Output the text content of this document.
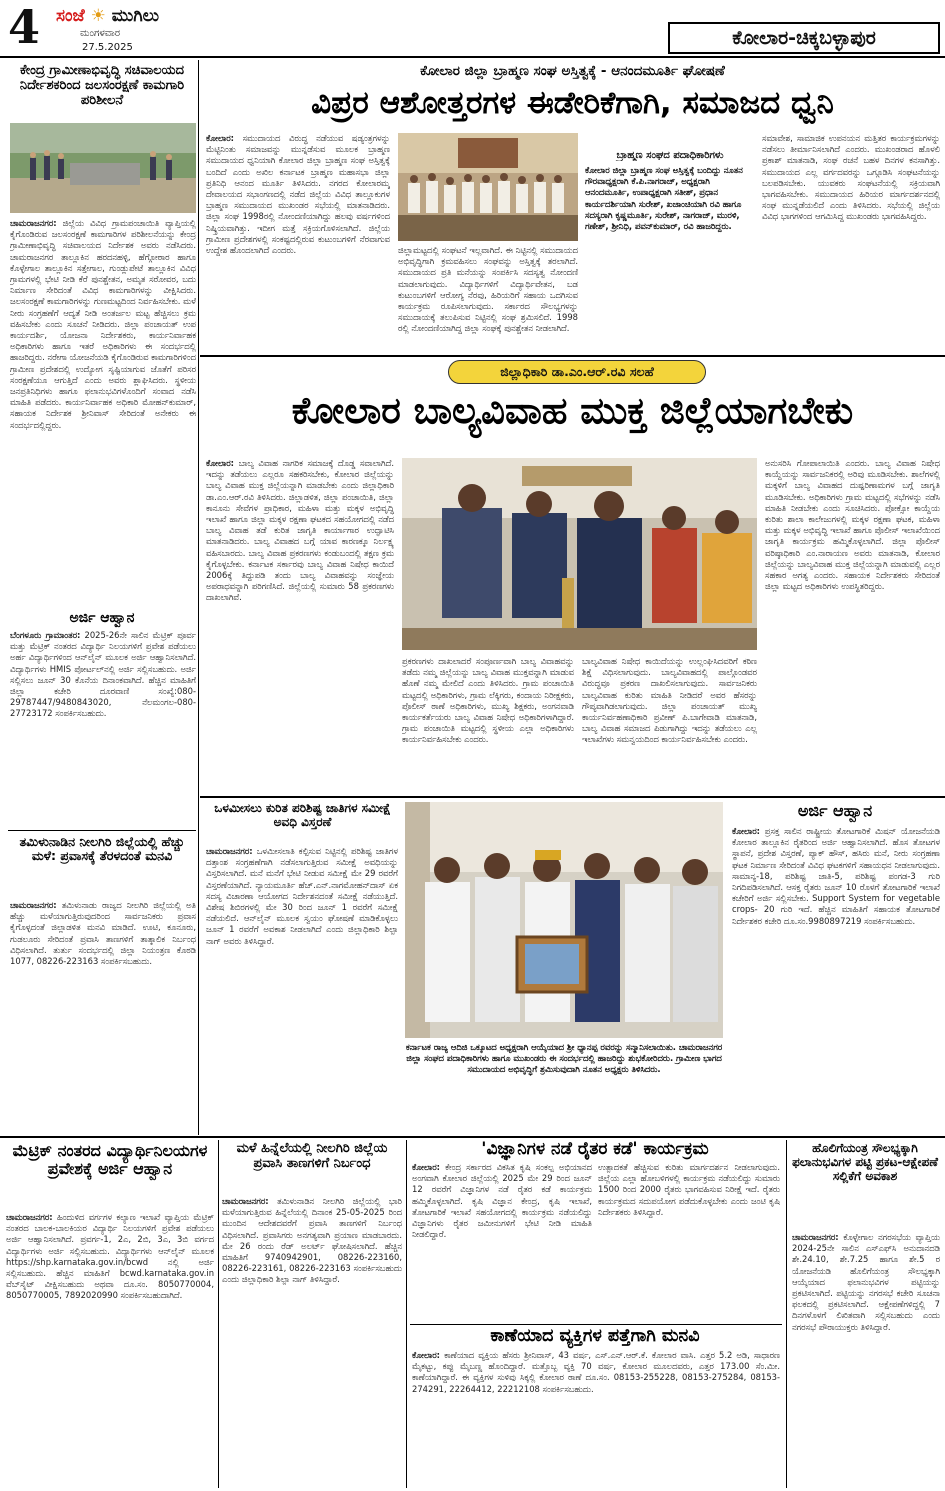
4 ಸಂಜೆ ☀ ಮುಗಿಲು
ಮಂಗಳವಾರ
27.5.2025	ಕೋಲಾರ-ಚಿಕ್ಕಬಳ್ಳಾಪುರ
ಕೇಂದ್ರ ಗ್ರಾಮೀಣಾಭಿವೃದ್ಧಿ ಸಚಿವಾಲಯದ ನಿರ್ದೇಶಕರಿಂದ ಜಲಸಂರಕ್ಷಣೆ ಕಾಮಗಾರಿ ಪರಿಶೀಲನೆ

ಚಾಮರಾಜನಗರ: ಜಿಲ್ಲೆಯ ವಿವಿಧ ಗ್ರಾಮಪಂಚಾಯಿತಿ ವ್ಯಾಪ್ತಿಯಲ್ಲಿ ಕೈಗೊಂಡಿರುವ ಜಲಸಂರಕ್ಷಣೆ ಕಾಮಗಾರಿಗಳ ಪರಿಶೀಲನೆಯನ್ನು ಕೇಂದ್ರ ಗ್ರಾಮೀಣಾಭಿವೃದ್ಧಿ ಸಚಿವಾಲಯದ ನಿರ್ದೇಶಕ ಅವರು ನಡೆಸಿದರು. ಚಾಮರಾಜನಗರ ತಾಲ್ಲೂಕಿನ ಹರದನಹಳ್ಳಿ, ಹೆಗ್ಗೋಠಾರ ಹಾಗೂ ಕೊಳ್ಳೇಗಾಲ ತಾಲ್ಲೂಕಿನ ಸತ್ತೇಗಾಲ, ಗುಂಡ್ಲುಪೇಟೆ ತಾಲ್ಲೂಕಿನ ವಿವಿಧ ಗ್ರಾಮಗಳಲ್ಲಿ ಭೇಟಿ ನೀಡಿ ಕೆರೆ ಪುನಶ್ಚೇತನ, ಅಮೃತ ಸರೋವರ, ಬದು ನಿರ್ಮಾಣ ಸೇರಿದಂತೆ ವಿವಿಧ ಕಾಮಗಾರಿಗಳನ್ನು ವೀಕ್ಷಿಸಿದರು. ಜಲಸಂರಕ್ಷಣೆ ಕಾಮಗಾರಿಗಳನ್ನು ಗುಣಮಟ್ಟದಿಂದ ನಿರ್ವಹಿಸಬೇಕು. ಮಳೆ ನೀರು ಸಂಗ್ರಹಣೆಗೆ ಆದ್ಯತೆ ನೀಡಿ ಅಂತರ್ಜಲ ಮಟ್ಟ ಹೆಚ್ಚಿಸಲು ಕ್ರಮ ವಹಿಸಬೇಕು ಎಂದು ಸೂಚನೆ ನೀಡಿದರು. ಜಿಲ್ಲಾ ಪಂಚಾಯತ್ ಉಪ ಕಾರ್ಯದರ್ಶಿ, ಯೋಜನಾ ನಿರ್ದೇಶಕರು, ಕಾರ್ಯನಿರ್ವಾಹಕ ಅಧಿಕಾರಿಗಳು ಹಾಗೂ ಇತರೆ ಅಧಿಕಾರಿಗಳು ಈ ಸಂದರ್ಭದಲ್ಲಿ ಹಾಜರಿದ್ದರು. ನರೇಗಾ ಯೋಜನೆಯಡಿ ಕೈಗೊಂಡಿರುವ ಕಾಮಗಾರಿಗಳಿಂದ ಗ್ರಾಮೀಣ ಪ್ರದೇಶದಲ್ಲಿ ಉದ್ಯೋಗ ಸೃಷ್ಟಿಯಾಗುವ ಜೊತೆಗೆ ಪರಿಸರ ಸಂರಕ್ಷಣೆಯೂ ಆಗುತ್ತಿದೆ ಎಂದು ಅವರು ಶ್ಲಾಘಿಸಿದರು. ಸ್ಥಳೀಯ ಜನಪ್ರತಿನಿಧಿಗಳು ಹಾಗೂ ಫಲಾನುಭವಿಗಳೊಂದಿಗೆ ಸಂವಾದ ನಡೆಸಿ ಮಾಹಿತಿ ಪಡೆದರು. ಕಾರ್ಯನಿರ್ವಾಹಕ ಅಧಿಕಾರಿ ಮೋಹನ್‌ಕುಮಾರ್, ಸಹಾಯಕ ನಿರ್ದೇಶಕ ಶ್ರೀನಿವಾಸ್ ಸೇರಿದಂತೆ ಅನೇಕರು ಈ ಸಂದರ್ಭದಲ್ಲಿದ್ದರು.

ಅರ್ಜಿ ಆಹ್ವಾನ

ಬೆಂಗಳೂರು ಗ್ರಾಮಾಂತರ: 2025-26ನೇ ಸಾಲಿನ ಮೆಟ್ರಿಕ್ ಪೂರ್ವ ಮತ್ತು ಮೆಟ್ರಿಕ್ ನಂತರದ ವಿದ್ಯಾರ್ಥಿ ನಿಲಯಗಳಿಗೆ ಪ್ರವೇಶ ಪಡೆಯಲು ಅರ್ಹ ವಿದ್ಯಾರ್ಥಿಗಳಿಂದ ಆನ್‌ಲೈನ್ ಮೂಲಕ ಅರ್ಜಿ ಆಹ್ವಾನಿಸಲಾಗಿದೆ. ವಿದ್ಯಾರ್ಥಿಗಳು HMIS ಪೋರ್ಟಲ್‌ನಲ್ಲಿ ಅರ್ಜಿ ಸಲ್ಲಿಸಬಹುದು. ಅರ್ಜಿ ಸಲ್ಲಿಸಲು ಜೂನ್ 30 ಕೊನೆಯ ದಿನಾಂಕವಾಗಿದೆ. ಹೆಚ್ಚಿನ ಮಾಹಿತಿಗೆ ಜಿಲ್ಲಾ ಕಚೇರಿ ದೂರವಾಣಿ ಸಂಖ್ಯೆ:080-29787447/9480843020, ನೆಲಮಂಗಲ-080-27723172 ಸಂಪರ್ಕಿಸಬಹುದು.

ತಮಿಳುನಾಡಿನ ನೀಲಗಿರಿ ಜಿಲ್ಲೆಯಲ್ಲಿ ಹೆಚ್ಚು ಮಳೆ: ಪ್ರವಾಸಕ್ಕೆ ತೆರಳದಂತೆ ಮನವಿ

ಚಾಮರಾಜನಗರ: ತಮಿಳುನಾಡು ರಾಜ್ಯದ ನೀಲಗಿರಿ ಜಿಲ್ಲೆಯಲ್ಲಿ ಅತಿ ಹೆಚ್ಚು ಮಳೆಯಾಗುತ್ತಿರುವುದರಿಂದ ಸಾರ್ವಜನಿಕರು ಪ್ರವಾಸ ಕೈಗೊಳ್ಳದಂತೆ ಜಿಲ್ಲಾಡಳಿತ ಮನವಿ ಮಾಡಿದೆ. ಊಟಿ, ಕೂನೂರು, ಗುಡಲೂರು ಸೇರಿದಂತೆ ಪ್ರವಾಸಿ ತಾಣಗಳಿಗೆ ತಾತ್ಕಾಲಿಕ ನಿರ್ಬಂಧ ವಿಧಿಸಲಾಗಿದೆ. ತುರ್ತು ಸಂದರ್ಭದಲ್ಲಿ ಜಿಲ್ಲಾ ನಿಯಂತ್ರಣ ಕೊಠಡಿ 1077, 08226-223163 ಸಂಪರ್ಕಿಸಬಹುದು.

ಕೋಲಾರ ಜಿಲ್ಲಾ ಬ್ರಾಹ್ಮಣ ಸಂಘ ಅಸ್ತಿತ್ವಕ್ಕೆ - ಆನಂದಮೂರ್ತಿ ಘೋಷಣೆ
ವಿಪ್ರರ ಆಶೋತ್ತರಗಳ ಈಡೇರಿಕೆಗಾಗಿ, ಸಮಾಜದ ಧ್ವನಿ

ಕೋಲಾರ: ಸಮುದಾಯದ ವಿರುದ್ಧ ನಡೆಯುವ ಷಡ್ಯಂತ್ರಗಳನ್ನು ಮೆಟ್ಟಿನಿಂತು ಸಮಾಜವನ್ನು ಮುನ್ನಡೆಸುವ ಮೂಲಕ ಬ್ರಾಹ್ಮಣ ಸಮುದಾಯದ ಧ್ವನಿಯಾಗಿ ಕೋಲಾರ ಜಿಲ್ಲಾ ಬ್ರಾಹ್ಮಣ ಸಂಘ ಅಸ್ತಿತ್ವಕ್ಕೆ ಬಂದಿದೆ ಎಂದು ಅಖಿಲ ಕರ್ನಾಟಕ ಬ್ರಾಹ್ಮಣ ಮಹಾಸಭಾ ಜಿಲ್ಲಾ ಪ್ರತಿನಿಧಿ ಆನಂದ ಮೂರ್ತಿ ತಿಳಿಸಿದರು. ನಗರದ ಕೋಲಾರಮ್ಮ ದೇವಾಲಯದ ಸಭಾಂಗಣದಲ್ಲಿ ನಡೆದ ಜಿಲ್ಲೆಯ ವಿವಿಧ ತಾಲ್ಲೂಕುಗಳ ಬ್ರಾಹ್ಮಣ ಸಮುದಾಯದ ಮುಖಂಡರ ಸಭೆಯಲ್ಲಿ ಮಾತನಾಡಿದರು. ಜಿಲ್ಲಾ ಸಂಘ 1998ರಲ್ಲಿ ನೋಂದಣಿಯಾಗಿದ್ದು ಹಲವು ವರ್ಷಗಳಿಂದ ನಿಷ್ಕ್ರಿಯವಾಗಿತ್ತು. ಇದೀಗ ಮತ್ತೆ ಸಕ್ರಿಯಗೊಳಿಸಲಾಗಿದೆ. ಜಿಲ್ಲೆಯ ಗ್ರಾಮೀಣ ಪ್ರದೇಶಗಳಲ್ಲಿ ಸಂಕಷ್ಟದಲ್ಲಿರುವ ಕುಟುಂಬಗಳಿಗೆ ನೆರವಾಗುವ ಉದ್ದೇಶ ಹೊಂದಲಾಗಿದೆ ಎಂದರು.	ಜಿಲ್ಲಾಮಟ್ಟದಲ್ಲಿ ಸಂಘಟನೆ ಇಲ್ಲವಾಗಿದೆ. ಈ ನಿಟ್ಟಿನಲ್ಲಿ ಸಮುದಾಯದ ಅಭಿವೃದ್ಧಿಗಾಗಿ ಕ್ರಮವಹಿಸಲು ಸಂಘವನ್ನು ಅಸ್ತಿತ್ವಕ್ಕೆ ತರಲಾಗಿದೆ. ಸಮುದಾಯದ ಪ್ರತಿ ಮನೆಯನ್ನು ಸಂಪರ್ಕಿಸಿ ಸದಸ್ಯತ್ವ ನೋಂದಣಿ ಮಾಡಲಾಗುವುದು. ವಿದ್ಯಾರ್ಥಿಗಳಿಗೆ ವಿದ್ಯಾರ್ಥಿವೇತನ, ಬಡ ಕುಟುಂಬಗಳಿಗೆ ಆರೋಗ್ಯ ನೆರವು, ಹಿರಿಯರಿಗೆ ಸಹಾಯ ಒದಗಿಸುವ ಕಾರ್ಯಕ್ರಮ ರೂಪಿಸಲಾಗುವುದು. ಸರ್ಕಾರದ ಸೌಲಭ್ಯಗಳನ್ನು ಸಮುದಾಯಕ್ಕೆ ತಲುಪಿಸುವ ನಿಟ್ಟಿನಲ್ಲಿ ಸಂಘ ಶ್ರಮಿಸಲಿದೆ. 1998 ರಲ್ಲಿ ನೋಂದಣಿಯಾಗಿದ್ದ ಜಿಲ್ಲಾ ಸಂಘಕ್ಕೆ ಪುನಶ್ಚೇತನ ನೀಡಲಾಗಿದೆ.

ಬ್ರಾಹ್ಮಣ ಸಂಘದ ಪದಾಧಿಕಾರಿಗಳು
ಕೋಲಾರ ಜಿಲ್ಲಾ ಬ್ರಾಹ್ಮಣ ಸಂಘ ಅಸ್ತಿತ್ವಕ್ಕೆ ಬಂದಿದ್ದು ನೂತನ ಗೌರವಾಧ್ಯಕ್ಷರಾಗಿ ಕೆ.ಪಿ.ನಾಗರಾಜ್, ಅಧ್ಯಕ್ಷರಾಗಿ ಆನಂದಮೂರ್ತಿ, ಉಪಾಧ್ಯಕ್ಷರಾಗಿ ಸತೀಶ್, ಪ್ರಧಾನ ಕಾರ್ಯದರ್ಶಿಯಾಗಿ ಸುರೇಶ್, ಖಜಾಂಚಿಯಾಗಿ ರವಿ ಹಾಗೂ ಸದಸ್ಯರಾಗಿ ಕೃಷ್ಣಮೂರ್ತಿ, ಸುರೇಶ್, ನಾಗರಾಜ್, ಮುರಳಿ, ಗಣೇಶ್, ಶ್ರೀನಿಧಿ, ಪವನ್‌ಕುಮಾರ್, ರವಿ ಹಾಜರಿದ್ದರು.

ಸಮಾವೇಶ, ಸಾಮಾಜಿಕ ಉಪನಯನ ಮತ್ತಿತರ ಕಾರ್ಯಕ್ರಮಗಳನ್ನು ನಡೆಸಲು ತೀರ್ಮಾನಿಸಲಾಗಿದೆ ಎಂದರು. ಮುಖಂಡರಾದ ಹೊಳಲಿ ಪ್ರಕಾಶ್ ಮಾತನಾಡಿ, ಸಂಘ ರಚನೆ ಬಹಳ ದಿನಗಳ ಕನಸಾಗಿತ್ತು. ಸಮುದಾಯದ ಎಲ್ಲ ವರ್ಗದವರನ್ನು ಒಗ್ಗೂಡಿಸಿ ಸಂಘಟನೆಯನ್ನು ಬಲಪಡಿಸಬೇಕು. ಯುವಕರು ಸಂಘಟನೆಯಲ್ಲಿ ಸಕ್ರಿಯವಾಗಿ ಭಾಗವಹಿಸಬೇಕು. ಸಮುದಾಯದ ಹಿರಿಯರ ಮಾರ್ಗದರ್ಶನದಲ್ಲಿ ಸಂಘ ಮುನ್ನಡೆಯಲಿದೆ ಎಂದು ತಿಳಿಸಿದರು. ಸಭೆಯಲ್ಲಿ ಜಿಲ್ಲೆಯ ವಿವಿಧ ಭಾಗಗಳಿಂದ ಆಗಮಿಸಿದ್ದ ಮುಖಂಡರು ಭಾಗವಹಿಸಿದ್ದರು.

ಜಿಲ್ಲಾಧಿಕಾರಿ ಡಾ.ಎಂ.ಆರ್.ರವಿ ಸಲಹೆ
ಕೋಲಾರ ಬಾಲ್ಯವಿವಾಹ ಮುಕ್ತ ಜಿಲ್ಲೆಯಾಗಬೇಕು

ಕೋಲಾರ: ಬಾಲ್ಯ ವಿವಾಹ ನಾಗರಿಕ ಸಮಾಜಕ್ಕೆ ದೊಡ್ಡ ಸವಾಲಾಗಿದೆ. ಇದನ್ನು ತಡೆಯಲು ಎಲ್ಲರೂ ಸಹಕರಿಸಬೇಕು, ಕೋಲಾರ ಜಿಲ್ಲೆಯನ್ನು ಬಾಲ್ಯ ವಿವಾಹ ಮುಕ್ತ ಜಿಲ್ಲೆಯನ್ನಾಗಿ ಮಾಡಬೇಕು ಎಂದು ಜಿಲ್ಲಾಧಿಕಾರಿ ಡಾ.ಎಂ.ಆರ್.ರವಿ ತಿಳಿಸಿದರು. ಜಿಲ್ಲಾಡಳಿತ, ಜಿಲ್ಲಾ ಪಂಚಾಯಿತಿ, ಜಿಲ್ಲಾ ಕಾನೂನು ಸೇವೆಗಳ ಪ್ರಾಧಿಕಾರ, ಮಹಿಳಾ ಮತ್ತು ಮಕ್ಕಳ ಅಭಿವೃದ್ಧಿ ಇಲಾಖೆ ಹಾಗೂ ಜಿಲ್ಲಾ ಮಕ್ಕಳ ರಕ್ಷಣಾ ಘಟಕದ ಸಹಯೋಗದಲ್ಲಿ ನಡೆದ ಬಾಲ್ಯ ವಿವಾಹ ತಡೆ ಕುರಿತ ಜಾಗೃತಿ ಕಾರ್ಯಾಗಾರ ಉದ್ಘಾಟಿಸಿ ಮಾತನಾಡಿದರು. ಬಾಲ್ಯ ವಿವಾಹದ ಬಗ್ಗೆ ಯಾವ ಕಾರಣಕ್ಕೂ ನಿರ್ಲಕ್ಷ್ಯ ವಹಿಸಬಾರದು. ಬಾಲ್ಯ ವಿವಾಹ ಪ್ರಕರಣಗಳು ಕಂಡುಬಂದಲ್ಲಿ ತಕ್ಷಣ ಕ್ರಮ ಕೈಗೊಳ್ಳಬೇಕು. ಕರ್ನಾಟಕ ಸರ್ಕಾರವು ಬಾಲ್ಯ ವಿವಾಹ ನಿಷೇಧ ಕಾಯಿದೆ 2006ಕ್ಕೆ ತಿದ್ದುಪಡಿ ತಂದು ಬಾಲ್ಯ ವಿವಾಹವನ್ನು ಸಂಜ್ಞೇಯ ಅಪರಾಧವನ್ನಾಗಿ ಪರಿಗಣಿಸಿದೆ. ಜಿಲ್ಲೆಯಲ್ಲಿ ಸುಮಾರು 58 ಪ್ರಕರಣಗಳು ದಾಖಲಾಗಿವೆ.

ಪ್ರಕರಣಗಳು ದಾಖಲಾದರೆ ಸಂಪೂರ್ಣವಾಗಿ ಬಾಲ್ಯ ವಿವಾಹವನ್ನು ತಡೆದು ನಮ್ಮ ಜಿಲ್ಲೆಯನ್ನು ಬಾಲ್ಯ ವಿವಾಹ ಮುಕ್ತವನ್ನಾಗಿ ಮಾಡುವ ಹೊಣೆ ನಮ್ಮ ಮೇಲಿದೆ ಎಂದು ತಿಳಿಸಿದರು. ಗ್ರಾಮ ಪಂಚಾಯಿತಿ ಮಟ್ಟದಲ್ಲಿ ಅಧಿಕಾರಿಗಳು, ಗ್ರಾಮ ಲೆಕ್ಕಿಗರು, ಕಂದಾಯ ನಿರೀಕ್ಷಕರು, ಪೊಲೀಸ್ ಠಾಣೆ ಅಧಿಕಾರಿಗಳು, ಮುಖ್ಯ ಶಿಕ್ಷಕರು, ಅಂಗನವಾಡಿ ಕಾರ್ಯಕರ್ತೆಯರು ಬಾಲ್ಯ ವಿವಾಹ ನಿಷೇಧ ಅಧಿಕಾರಿಗಳಾಗಿದ್ದಾರೆ. ಗ್ರಾಮ ಪಂಚಾಯಿತಿ ಮಟ್ಟದಲ್ಲಿ ಸ್ಥಳೀಯ ಎಲ್ಲಾ ಅಧಿಕಾರಿಗಳು ಕಾರ್ಯನಿರ್ವಹಿಸಬೇಕು ಎಂದರು.

ಬಾಲ್ಯವಿವಾಹ ನಿಷೇಧ ಕಾಯಿದೆಯನ್ನು ಉಲ್ಲಂಘಿಸಿದವರಿಗೆ ಕಠಿಣ ಶಿಕ್ಷೆ ವಿಧಿಸಲಾಗುವುದು. ಬಾಲ್ಯವಿವಾಹದಲ್ಲಿ ಪಾಲ್ಗೊಂಡವರ ವಿರುದ್ಧವೂ ಪ್ರಕರಣ ದಾಖಲಿಸಲಾಗುವುದು. ಸಾರ್ವಜನಿಕರು ಬಾಲ್ಯವಿವಾಹ ಕುರಿತು ಮಾಹಿತಿ ನೀಡಿದರೆ ಅವರ ಹೆಸರನ್ನು ಗೌಪ್ಯವಾಗಿಡಲಾಗುವುದು. ಜಿಲ್ಲಾ ಪಂಚಾಯತ್ ಮುಖ್ಯ ಕಾರ್ಯನಿರ್ವಹಣಾಧಿಕಾರಿ ಪ್ರವೀಣ್ ಪಿ.ಬಾಗೇವಾಡಿ ಮಾತನಾಡಿ, ಬಾಲ್ಯ ವಿವಾಹ ಸಮಾಜದ ಪಿಡುಗಾಗಿದ್ದು ಇದನ್ನು ತಡೆಯಲು ಎಲ್ಲ ಇಲಾಖೆಗಳು ಸಮನ್ವಯದಿಂದ ಕಾರ್ಯನಿರ್ವಹಿಸಬೇಕು ಎಂದರು.

ಅನುಸರಿಸಿ ಗೋಪಾಲಾಯಿತಿ ಎಂದರು. ಬಾಲ್ಯ ವಿವಾಹ ನಿಷೇಧ ಕಾಯ್ದೆಯನ್ನು ಸಾರ್ವಜನಿಕರಲ್ಲಿ ಅರಿವು ಮೂಡಿಸಬೇಕು. ಶಾಲೆಗಳಲ್ಲಿ ಮಕ್ಕಳಿಗೆ ಬಾಲ್ಯ ವಿವಾಹದ ದುಷ್ಪರಿಣಾಮಗಳ ಬಗ್ಗೆ ಜಾಗೃತಿ ಮೂಡಿಸಬೇಕು. ಅಧಿಕಾರಿಗಳು ಗ್ರಾಮ ಮಟ್ಟದಲ್ಲಿ ಸಭೆಗಳನ್ನು ನಡೆಸಿ ಮಾಹಿತಿ ನೀಡಬೇಕು ಎಂದು ಸೂಚಿಸಿದರು. ಪೋಕ್ಸೋ ಕಾಯ್ದೆಯ ಕುರಿತು ಶಾಲಾ ಕಾಲೇಜುಗಳಲ್ಲಿ ಮಕ್ಕಳ ರಕ್ಷಣಾ ಘಟಕ, ಮಹಿಳಾ ಮತ್ತು ಮಕ್ಕಳ ಅಭಿವೃದ್ಧಿ ಇಲಾಖೆ ಹಾಗೂ ಪೊಲೀಸ್ ಇಲಾಖೆಯಿಂದ ಜಾಗೃತಿ ಕಾರ್ಯಕ್ರಮ ಹಮ್ಮಿಕೊಳ್ಳಲಾಗಿದೆ. ಜಿಲ್ಲಾ ಪೊಲೀಸ್ ವರಿಷ್ಠಾಧಿಕಾರಿ ಎಂ.ನಾರಾಯಣ ಅವರು ಮಾತನಾಡಿ, ಕೋಲಾರ ಜಿಲ್ಲೆಯನ್ನು ಬಾಲ್ಯವಿವಾಹ ಮುಕ್ತ ಜಿಲ್ಲೆಯನ್ನಾಗಿ ಮಾಡುವಲ್ಲಿ ಎಲ್ಲರ ಸಹಕಾರ ಅಗತ್ಯ ಎಂದರು. ಸಹಾಯಕ ನಿರ್ದೇಶಕರು ಸೇರಿದಂತೆ ಜಿಲ್ಲಾ ಮಟ್ಟದ ಅಧಿಕಾರಿಗಳು ಉಪಸ್ಥಿತರಿದ್ದರು.

ಒಳಮೀಸಲು ಕುರಿತ ಪರಿಶಿಷ್ಟ ಜಾತಿಗಳ ಸಮೀಕ್ಷೆ ಅವಧಿ ವಿಸ್ತರಣೆ

ಚಾಮರಾಜನಗರ: ಒಳಮೀಸಲಾತಿ ಕಲ್ಪಿಸುವ ನಿಟ್ಟಿನಲ್ಲಿ ಪರಿಶಿಷ್ಟ ಜಾತಿಗಳ ದತ್ತಾಂಶ ಸಂಗ್ರಹಣೆಗಾಗಿ ನಡೆಸಲಾಗುತ್ತಿರುವ ಸಮೀಕ್ಷೆ ಅವಧಿಯನ್ನು ವಿಸ್ತರಿಸಲಾಗಿದೆ. ಮನೆ ಮನೆಗೆ ಭೇಟಿ ನೀಡುವ ಸಮೀಕ್ಷೆ ಮೇ 29 ರವರೆಗೆ ವಿಸ್ತರಣೆಯಾಗಿದೆ. ನ್ಯಾಯಮೂರ್ತಿ ಹೆಚ್.ಎನ್.ನಾಗಮೋಹನ್‌ದಾಸ್ ಏಕ ಸದಸ್ಯ ವಿಚಾರಣಾ ಆಯೋಗದ ನಿರ್ದೇಶನದಂತೆ ಸಮೀಕ್ಷೆ ನಡೆಯುತ್ತಿದೆ. ವಿಶೇಷ ಶಿಬಿರಗಳಲ್ಲಿ ಮೇ 30 ರಿಂದ ಜೂನ್ 1 ರವರೆಗೆ ಸಮೀಕ್ಷೆ ನಡೆಯಲಿದೆ. ಆನ್‌ಲೈನ್ ಮೂಲಕ ಸ್ವಯಂ ಘೋಷಣೆ ಮಾಡಿಕೊಳ್ಳಲು ಜೂನ್ 1 ರವರೆಗೆ ಅವಕಾಶ ನೀಡಲಾಗಿದೆ ಎಂದು ಜಿಲ್ಲಾಧಿಕಾರಿ ಶಿಲ್ಪಾ ನಾಗ್ ಅವರು ತಿಳಿಸಿದ್ದಾರೆ.

ಕರ್ನಾಟಕ ರಾಜ್ಯ ಆದಿಜಿ ಒಕ್ಕೂಟದ ಅಧ್ಯಕ್ಷರಾಗಿ ಆಯ್ಕೆಯಾದ ಶ್ರೀ ಧ್ಯಾನಪ್ಪ ರವರನ್ನು ಸನ್ಮಾನಿಸಲಾಯಿತು. ಚಾಮರಾಜನಗರ ಜಿಲ್ಲಾ ಸಂಘದ ಪದಾಧಿಕಾರಿಗಳು ಹಾಗೂ ಮುಖಂಡರು ಈ ಸಂದರ್ಭದಲ್ಲಿ ಹಾಜರಿದ್ದು ಶುಭಕೋರಿದರು. ಗ್ರಾಮೀಣ ಭಾಗದ ಸಮುದಾಯದ ಅಭಿವೃದ್ಧಿಗೆ ಶ್ರಮಿಸುವುದಾಗಿ ನೂತನ ಅಧ್ಯಕ್ಷರು ತಿಳಿಸಿದರು.
ಅರ್ಜಿ ಆಹ್ವಾನ

ಕೋಲಾರ: ಪ್ರಸಕ್ತ ಸಾಲಿನ ರಾಷ್ಟ್ರೀಯ ತೋಟಗಾರಿಕೆ ಮಿಷನ್ ಯೋಜನೆಯಡಿ ಕೋಲಾರ ತಾಲ್ಲೂಕಿನ ರೈತರಿಂದ ಅರ್ಜಿ ಆಹ್ವಾನಿಸಲಾಗಿದೆ. ಹೊಸ ತೋಟಗಳ ಸ್ಥಾಪನೆ, ಪ್ರದೇಶ ವಿಸ್ತರಣೆ, ಪ್ಯಾಕ್ ಹೌಸ್, ಹಸಿರು ಮನೆ, ನೀರು ಸಂಗ್ರಹಣಾ ಘಟಕ ನಿರ್ಮಾಣ ಸೇರಿದಂತೆ ವಿವಿಧ ಘಟಕಗಳಿಗೆ ಸಹಾಯಧನ ನೀಡಲಾಗುವುದು. ಸಾಮಾನ್ಯ-18, ಪರಿಶಿಷ್ಟ ಜಾತಿ-5, ಪರಿಶಿಷ್ಟ ಪಂಗಡ-3 ಗುರಿ ನಿಗದಿಪಡಿಸಲಾಗಿದೆ. ಆಸಕ್ತ ರೈತರು ಜೂನ್ 10 ರೊಳಗೆ ತೋಟಗಾರಿಕೆ ಇಲಾಖೆ ಕಚೇರಿಗೆ ಅರ್ಜಿ ಸಲ್ಲಿಸಬೇಕು. Support System for vegetable crops- 20 ಗುರಿ ಇದೆ. ಹೆಚ್ಚಿನ ಮಾಹಿತಿಗೆ ಸಹಾಯಕ ತೋಟಗಾರಿಕೆ ನಿರ್ದೇಶಕರ ಕಚೇರಿ ದೂ.ಸಂ.9980897219 ಸಂಪರ್ಕಿಸಬಹುದು.

ಮೆಟ್ರಿಕ್ ನಂತರದ ವಿದ್ಯಾರ್ಥಿನಿಲಯಗಳ ಪ್ರವೇಶಕ್ಕೆ ಅರ್ಜಿ ಆಹ್ವಾನ

ಚಾಮರಾಜನಗರ: ಹಿಂದುಳಿದ ವರ್ಗಗಳ ಕಲ್ಯಾಣ ಇಲಾಖೆ ವ್ಯಾಪ್ತಿಯ ಮೆಟ್ರಿಕ್ ನಂತರದ ಬಾಲಕ-ಬಾಲಕಿಯರ ವಿದ್ಯಾರ್ಥಿ ನಿಲಯಗಳಿಗೆ ಪ್ರವೇಶ ಪಡೆಯಲು ಅರ್ಜಿ ಆಹ್ವಾನಿಸಲಾಗಿದೆ. ಪ್ರವರ್ಗ-1, 2ಎ, 2ಬಿ, 3ಎ, 3ಬಿ ವರ್ಗದ ವಿದ್ಯಾರ್ಥಿಗಳು ಅರ್ಜಿ ಸಲ್ಲಿಸಬಹುದು. ವಿದ್ಯಾರ್ಥಿಗಳು ಆನ್‌ಲೈನ್ ಮೂಲಕ https://shp.karnataka.gov.in/bcwd ನಲ್ಲಿ ಅರ್ಜಿ ಸಲ್ಲಿಸಬಹುದು. ಹೆಚ್ಚಿನ ಮಾಹಿತಿಗೆ bcwd.karnataka.gov.in ವೆಬ್‌ಸೈಟ್ ವೀಕ್ಷಿಸಬಹುದು ಅಥವಾ ದೂ.ಸಂ. 8050770004, 8050770005, 7892020990 ಸಂಪರ್ಕಿಸಬಹುದಾಗಿದೆ.

ಮಳೆ ಹಿನ್ನೆಲೆಯಲ್ಲಿ ನೀಲಗಿರಿ ಜಿಲ್ಲೆಯ ಪ್ರವಾಸಿ ತಾಣಗಳಿಗೆ ನಿರ್ಬಂಧ

ಚಾಮರಾಜನಗರ: ತಮಿಳುನಾಡಿನ ನೀಲಗಿರಿ ಜಿಲ್ಲೆಯಲ್ಲಿ ಭಾರಿ ಮಳೆಯಾಗುತ್ತಿರುವ ಹಿನ್ನೆಲೆಯಲ್ಲಿ ದಿನಾಂಕ 25-05-2025 ರಿಂದ ಮುಂದಿನ ಆದೇಶದವರೆಗೆ ಪ್ರವಾಸಿ ತಾಣಗಳಿಗೆ ನಿರ್ಬಂಧ ವಿಧಿಸಲಾಗಿದೆ. ಪ್ರವಾಸಿಗರು ಅನಗತ್ಯವಾಗಿ ಪ್ರಯಾಣ ಮಾಡಬಾರದು. ಮೇ 26 ರಂದು ರೆಡ್ ಅಲರ್ಟ್ ಘೋಷಿಸಲಾಗಿದೆ. ಹೆಚ್ಚಿನ ಮಾಹಿತಿಗೆ 9740942901, 08226-223160, 08226-223161, 08226-223163 ಸಂಪರ್ಕಿಸಬಹುದು ಎಂದು ಜಿಲ್ಲಾಧಿಕಾರಿ ಶಿಲ್ಪಾ ನಾಗ್ ತಿಳಿಸಿದ್ದಾರೆ.

'ವಿಜ್ಞಾನಿಗಳ ನಡೆ ರೈತರ ಕಡೆ' ಕಾರ್ಯಕ್ರಮ

ಕೋಲಾರ: ಕೇಂದ್ರ ಸರ್ಕಾರದ ವಿಕಸಿತ ಕೃಷಿ ಸಂಕಲ್ಪ ಅಭಿಯಾನದ ಅಂಗವಾಗಿ ಕೋಲಾರ ಜಿಲ್ಲೆಯಲ್ಲಿ 2025 ಮೇ 29 ರಿಂದ ಜೂನ್ 12 ರವರೆಗೆ ವಿಜ್ಞಾನಿಗಳ ನಡೆ ರೈತರ ಕಡೆ ಕಾರ್ಯಕ್ರಮ ಹಮ್ಮಿಕೊಳ್ಳಲಾಗಿದೆ. ಕೃಷಿ ವಿಜ್ಞಾನ ಕೇಂದ್ರ, ಕೃಷಿ ಇಲಾಖೆ, ತೋಟಗಾರಿಕೆ ಇಲಾಖೆ ಸಹಯೋಗದಲ್ಲಿ ಕಾರ್ಯಕ್ರಮ ನಡೆಯಲಿದ್ದು ವಿಜ್ಞಾನಿಗಳು ರೈತರ ಜಮೀನುಗಳಿಗೆ ಭೇಟಿ ನೀಡಿ ಮಾಹಿತಿ ನೀಡಲಿದ್ದಾರೆ.

ಉತ್ಪಾದಕತೆ ಹೆಚ್ಚಿಸುವ ಕುರಿತು ಮಾರ್ಗದರ್ಶನ ನೀಡಲಾಗುವುದು. ಜಿಲ್ಲೆಯ ಎಲ್ಲಾ ಹೋಬಳಿಗಳಲ್ಲಿ ಕಾರ್ಯಕ್ರಮ ನಡೆಯಲಿದ್ದು ಸುಮಾರು 1500 ರಿಂದ 2000 ರೈತರು ಭಾಗವಹಿಸುವ ನಿರೀಕ್ಷೆ ಇದೆ. ರೈತರು ಕಾರ್ಯಕ್ರಮದ ಸದುಪಯೋಗ ಪಡೆದುಕೊಳ್ಳಬೇಕು ಎಂದು ಜಂಟಿ ಕೃಷಿ ನಿರ್ದೇಶಕರು ತಿಳಿಸಿದ್ದಾರೆ.

ಕಾಣೆಯಾದ ವ್ಯಕ್ತಿಗಳ ಪತ್ತೆಗಾಗಿ ಮನವಿ

ಕೋಲಾರ: ಕಾಣೆಯಾದ ವ್ಯಕ್ತಿಯ ಹೆಸರು ಶ್ರೀನಿವಾಸ್, 43 ವರ್ಷ, ಎಸ್.ಎನ್.ಆರ್.ಕೆ. ಕೋಲಾರ ವಾಸಿ. ಎತ್ತರ 5.2 ಅಡಿ, ಸಾಧಾರಣ ಮೈಕಟ್ಟು, ಕಪ್ಪು ಮೈಬಣ್ಣ ಹೊಂದಿದ್ದಾರೆ. ಮತ್ತೊಬ್ಬ ವ್ಯಕ್ತಿ 70 ವರ್ಷ, ಕೋಲಾರ ಮೂಲದವರು, ಎತ್ತರ 173.00 ಸೆಂ.ಮೀ. ಕಾಣೆಯಾಗಿದ್ದಾರೆ. ಈ ವ್ಯಕ್ತಿಗಳ ಸುಳಿವು ಸಿಕ್ಕಲ್ಲಿ ಕೋಲಾರ ಠಾಣೆ ದೂ.ಸಂ. 08153-255228, 08153-275284, 08153-274291, 22264412, 22212108 ಸಂಪರ್ಕಿಸಬಹುದು.

ಹೊಲಿಗೆಯಂತ್ರ ಸೌಲಭ್ಯಕ್ಕಾಗಿ ಫಲಾನುಭವಿಗಳ ಪಟ್ಟಿ ಪ್ರಕಟ-ಆಕ್ಷೇಪಣೆ ಸಲ್ಲಿಕೆಗೆ ಅವಕಾಶ

ಚಾಮರಾಜನಗರ: ಕೊಳ್ಳೇಗಾಲ ನಗರಸಭೆಯ ವ್ಯಾಪ್ತಿಯ 2024-25ನೇ ಸಾಲಿನ ಎಸ್‌ಎಫ್‌ಸಿ ಅನುದಾನದಡಿ ಶೇ.24.10, ಶೇ.7.25 ಹಾಗೂ ಶೇ.5 ರ ಯೋಜನೆಯಡಿ ಹೊಲಿಗೆಯಂತ್ರ ಸೌಲಭ್ಯಕ್ಕಾಗಿ ಆಯ್ಕೆಯಾದ ಫಲಾನುಭವಿಗಳ ಪಟ್ಟಿಯನ್ನು ಪ್ರಕಟಿಸಲಾಗಿದೆ. ಪಟ್ಟಿಯನ್ನು ನಗರಸಭೆ ಕಚೇರಿ ಸೂಚನಾ ಫಲಕದಲ್ಲಿ ಪ್ರಕಟಿಸಲಾಗಿದೆ. ಆಕ್ಷೇಪಣೆಗಳಿದ್ದಲ್ಲಿ 7 ದಿನಗಳೊಳಗೆ ಲಿಖಿತವಾಗಿ ಸಲ್ಲಿಸಬಹುದು ಎಂದು ನಗರಸಭೆ ಪೌರಾಯುಕ್ತರು ತಿಳಿಸಿದ್ದಾರೆ.
